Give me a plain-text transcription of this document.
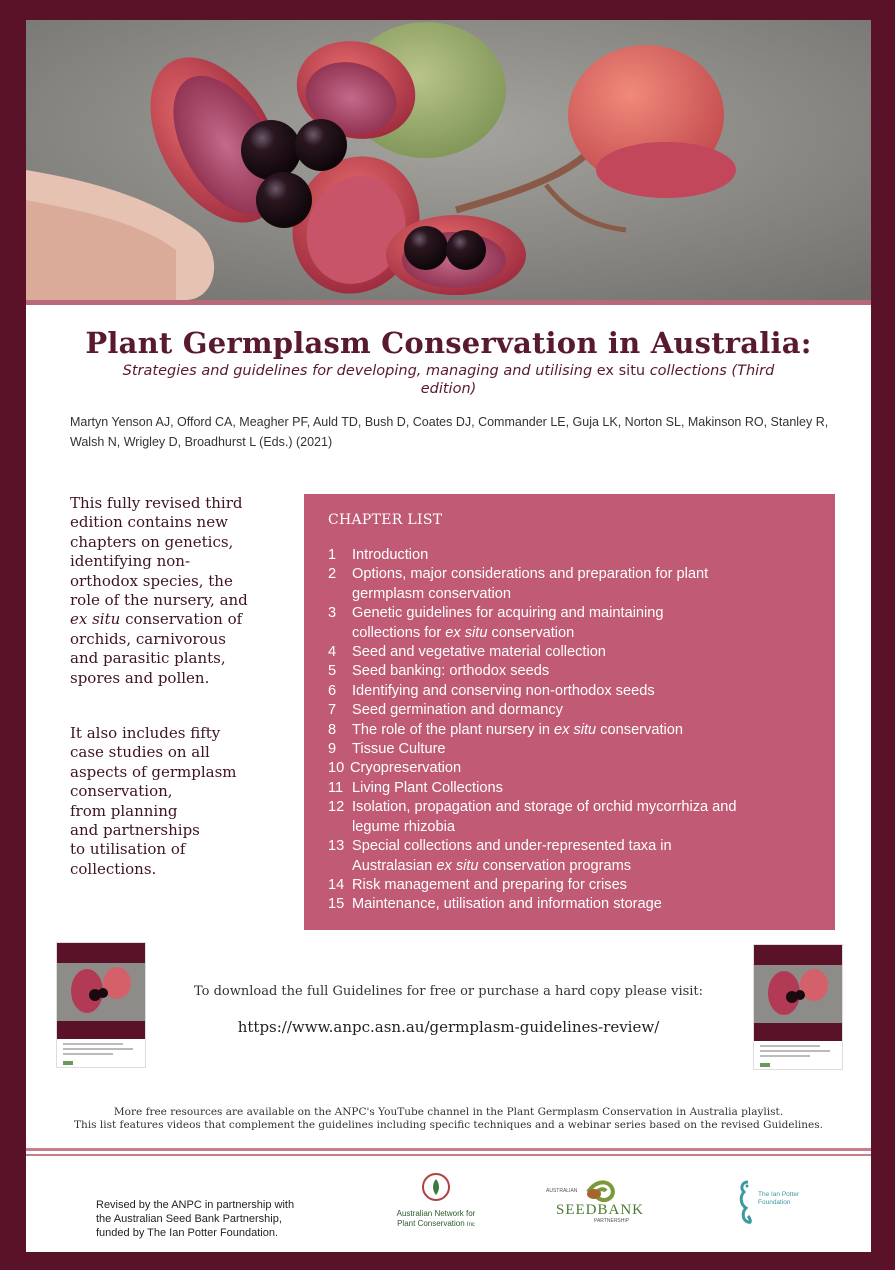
Plant Germplasm Conservation in Australia:
Strategies and guidelines for developing, managing and utilising ex situ collections (Third
edition)
Martyn Yenson AJ, Offord CA, Meagher PF, Auld TD, Bush D, Coates DJ, Commander LE, Guja LK, Norton SL, Makinson RO, Stanley R,
Walsh N, Wrigley D, Broadhurst L (Eds.) (2021)
This fully revised third
edition contains new
chapters on genetics,
identifying non-
orthodox species, the
role of the nursery, and
ex situ conservation of
orchids, carnivorous
and parasitic plants,
spores and pollen.
It also includes fifty
case studies on all
aspects of germplasm
conservation,
from planning
and partnerships
to utilisation of
collections.
CHAPTER LIST
1	Introduction
2	Options, major considerations and preparation for plant
germplasm conservation
3	Genetic guidelines for acquiring and maintaining
collections for ex situ conservation
4	Seed and vegetative material collection
5	Seed banking: orthodox seeds
6	Identifying and conserving non-orthodox seeds
7	Seed germination and dormancy
8	The role of the plant nursery in ex situ conservation
9	Tissue Culture
10 Cryopreservation
11 Living Plant Collections
12 Isolation, propagation and storage of orchid mycorrhiza and
legume rhizobia
13 Special collections and under-represented taxa in
Australasian ex situ conservation programs
14 Risk management and preparing for crises
15 Maintenance, utilisation and information storage
To download the full Guidelines for free or purchase a hard copy please visit:
https://www.anpc.asn.au/germplasm-guidelines-review/
More free resources are available on the ANPC's YouTube channel in the Plant Germplasm Conservation in Australia playlist.
This list features videos that complement the guidelines including specific techniques and a webinar series based on the revised Guidelines.
Revised by the ANPC in partnership with
the Australian Seed Bank Partnership,
funded by The Ian Potter Foundation.
Australian Network for
Plant Conservation Inc
AUSTRALIAN
SEEDBANK
PARTNERSHIP
The Ian Potter
Foundation
